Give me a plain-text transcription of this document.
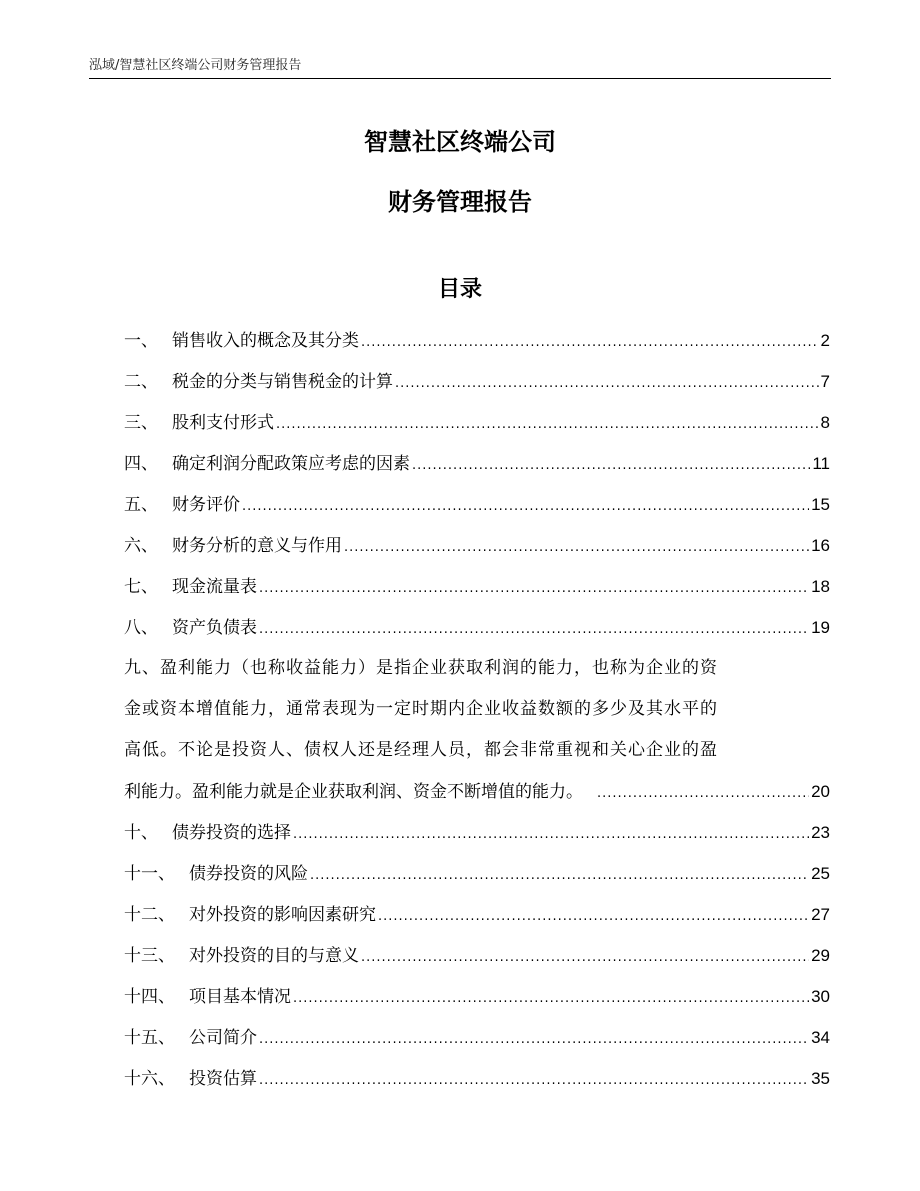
泓域/智慧社区终端公司财务管理报告
智慧社区终端公司
财务管理报告
目录
一、 销售收入的概念及其分类 .....	2
二、 税金的分类与销售税金的计算 .....	7
三、 股利支付形式 .....	8
四、 确定利润分配政策应考虑的因素 .....	11
五、 财务评价 .....	15
六、 财务分析的意义与作用 .....	16
七、 现金流量表 .....	18
八、 资产负债表 .....	19
九、盈利能力（也称收益能力）是指企业获取利润的能力，也称为企业的资
金或资本增值能力，通常表现为一定时期内企业收益数额的多少及其水平的
高低。不论是投资人、债权人还是经理人员，都会非常重视和关心企业的盈
利能力。盈利能力就是企业获取利润、资金不断增值的能力。 .....	20
十、 债券投资的选择 .....	23
十一、 债券投资的风险 .....	25
十二、 对外投资的影响因素研究 .....	27
十三、 对外投资的目的与意义 .....	29
十四、 项目基本情况 .....	30
十五、 公司简介 .....	34
十六、 投资估算 .....	35
